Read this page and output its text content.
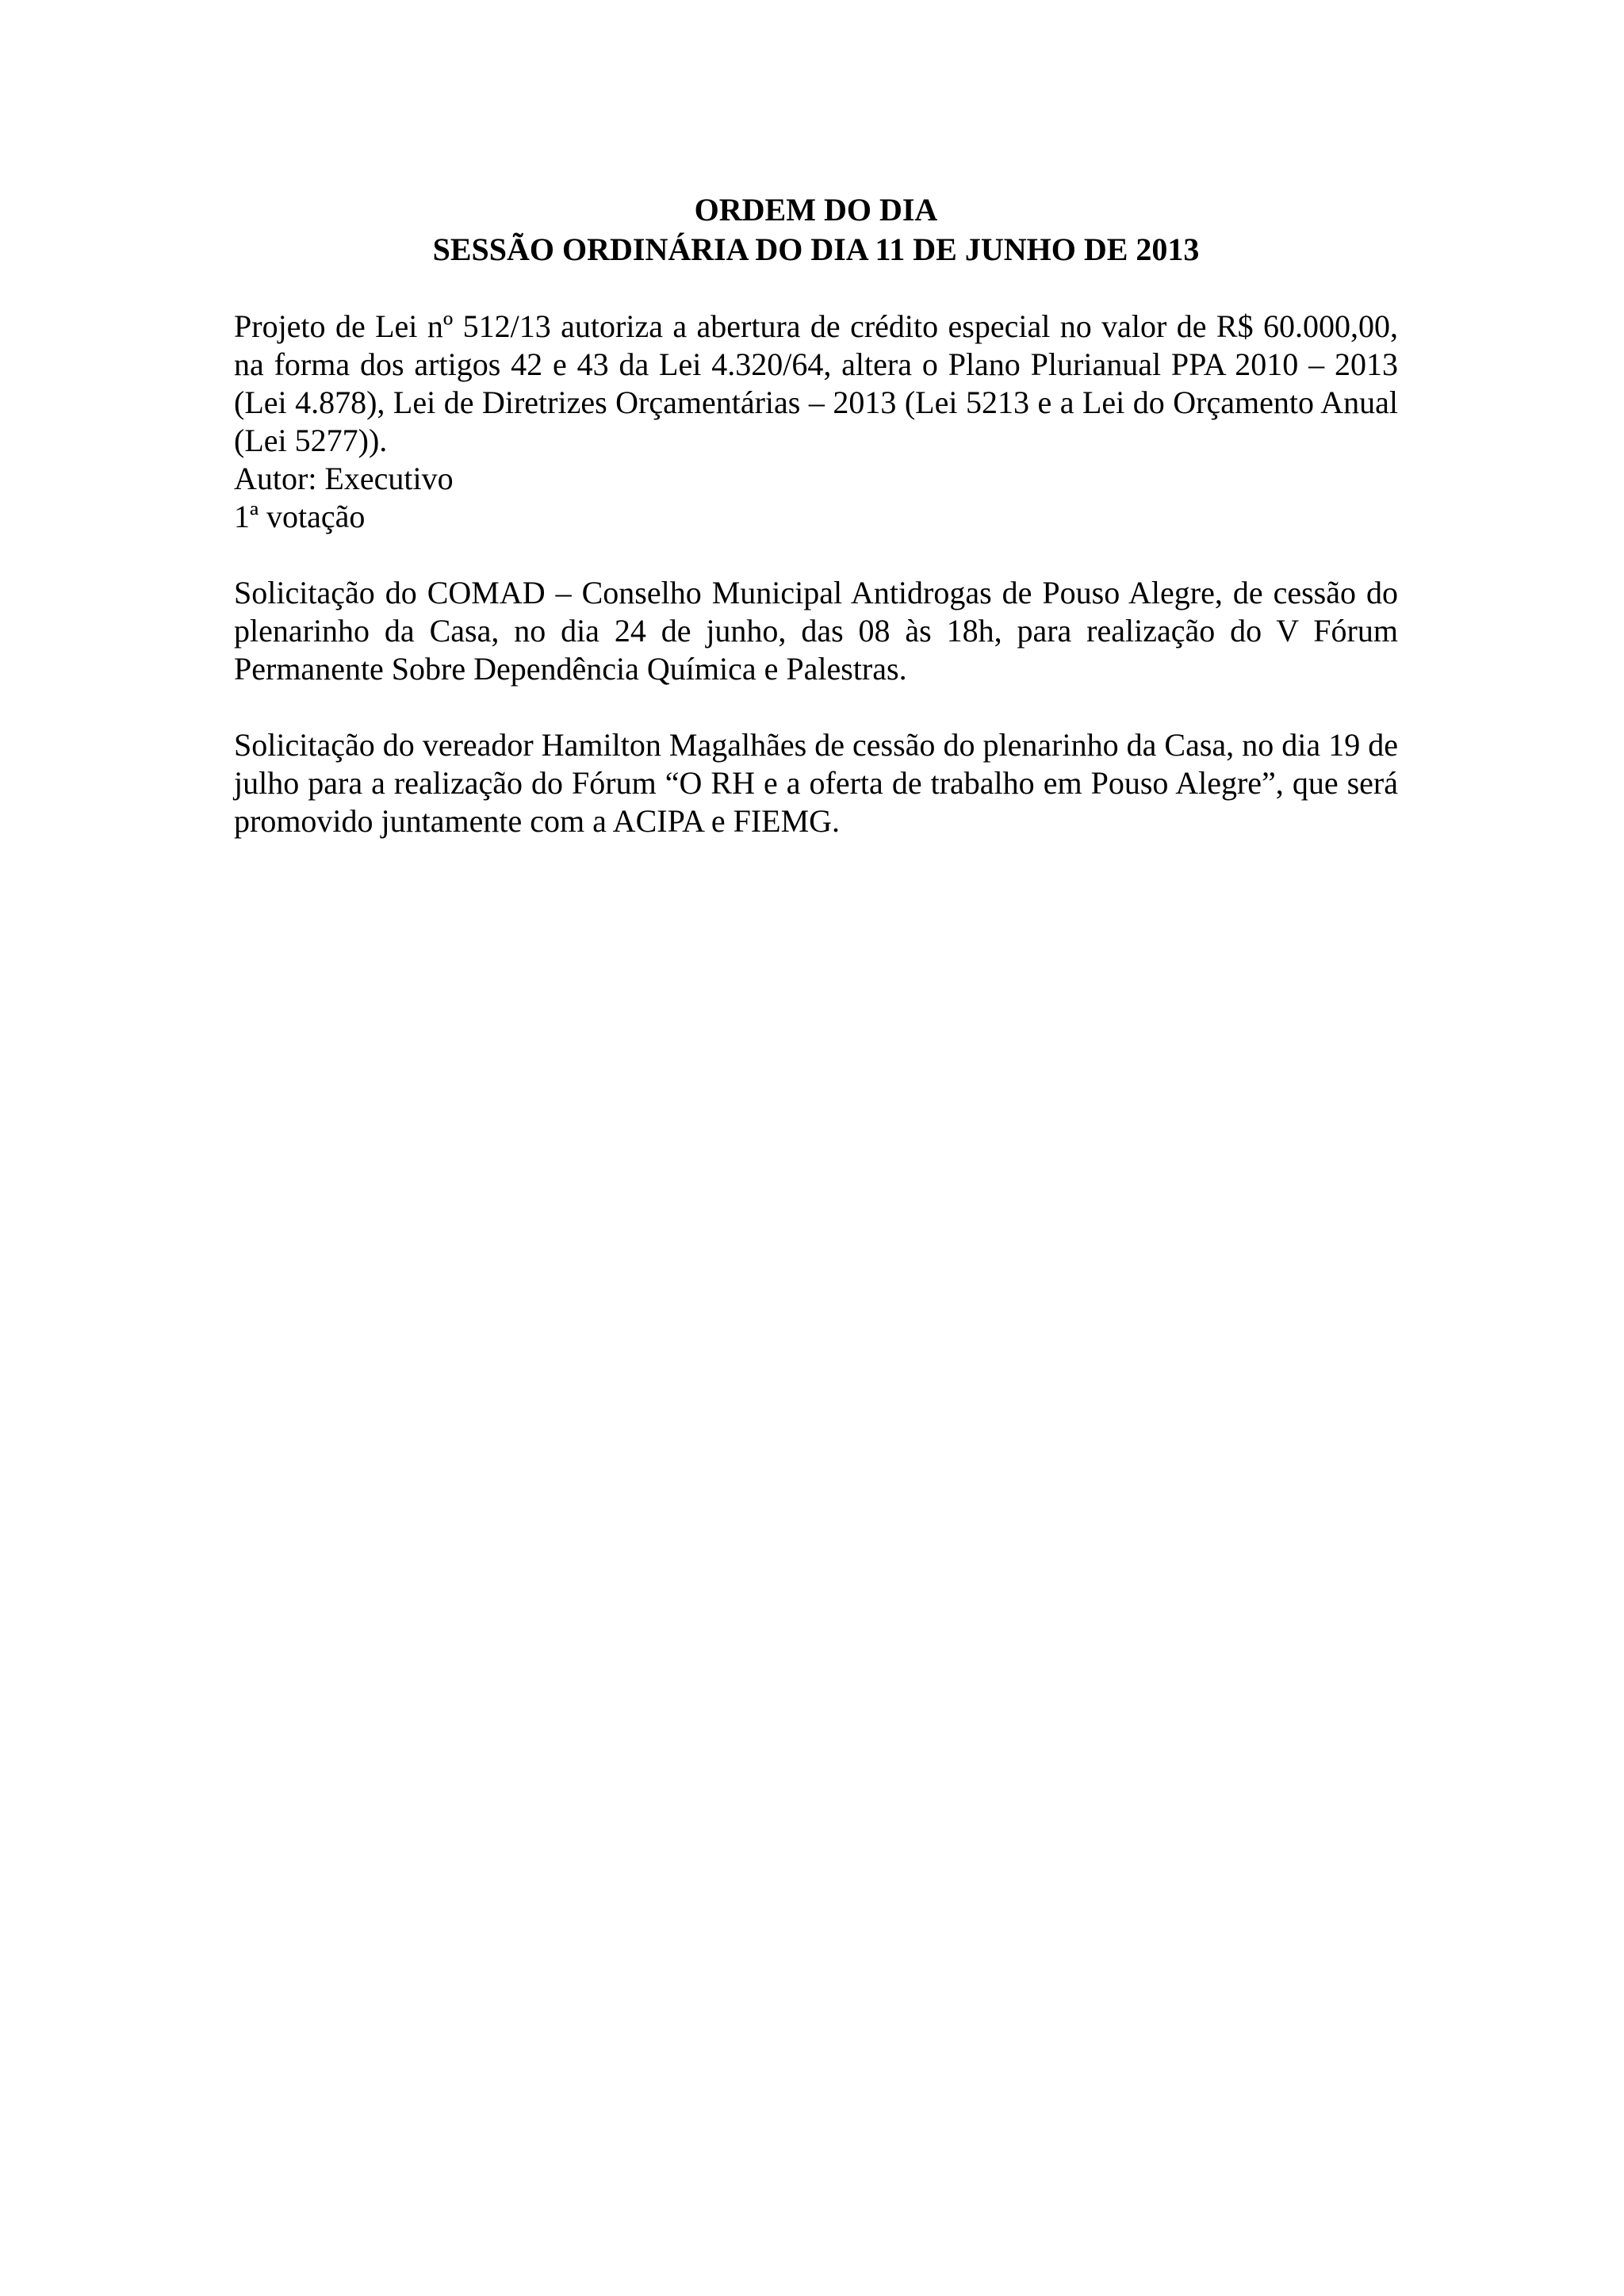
ORDEM DO DIA

SESSÃO ORDINÁRIA DO DIA 11 DE JUNHO DE 2013

Projeto de Lei nº 512/13 autoriza a abertura de crédito especial no valor de R$ 60.000,00, na forma dos artigos 42 e 43 da Lei 4.320/64, altera o Plano Plurianual PPA 2010 – 2013 (Lei 4.878), Lei de Diretrizes Orçamentárias – 2013 (Lei 5213 e a Lei do Orçamento Anual (Lei 5277)).

Autor: Executivo

1ª votação

Solicitação do COMAD – Conselho Municipal Antidrogas de Pouso Alegre, de cessão do plenarinho da Casa, no dia 24 de junho, das 08 às 18h, para realização do V Fórum Permanente Sobre Dependência Química e Palestras.

Solicitação do vereador Hamilton Magalhães de cessão do plenarinho da Casa, no dia 19 de julho para a realização do Fórum “O RH e a oferta de trabalho em Pouso Alegre”, que será promovido juntamente com a ACIPA e FIEMG.
